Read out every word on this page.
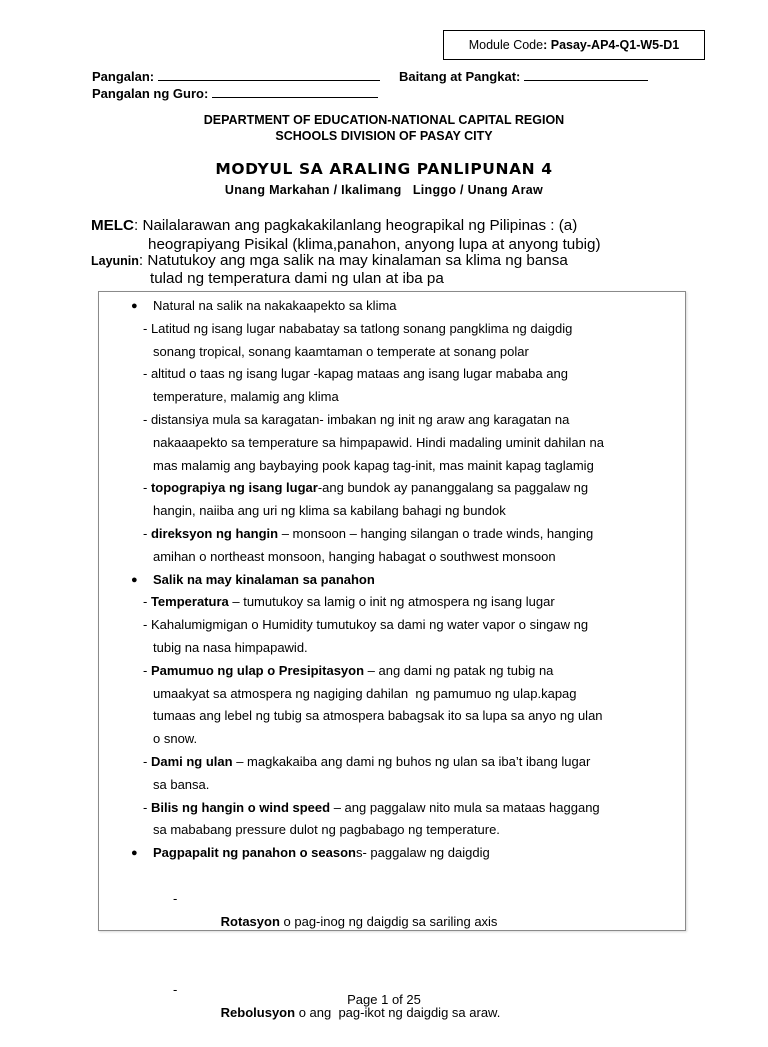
Module Code: Pasay-AP4-Q1-W5-D1
Pangalan:	Baitang at Pangkat:
Pangalan ng Guro:
DEPARTMENT OF EDUCATION-NATIONAL CAPITAL REGION
SCHOOLS DIVISION OF PASAY CITY
MODYUL SA ARALING PANLIPUNAN 4
Unang Markahan / Ikalimang   Linggo / Unang Araw
MELC: Nailalarawan ang pagkakakilanlang heograpikal ng Pilipinas : (a)
heograpiyang Pisikal (klima,panahon, anyong lupa at anyong tubig)
Layunin: Natutukoy ang mga salik na may kinalaman sa klima ng bansa
tulad ng temperatura dami ng ulan at iba pa
● Natural na salik na nakakaapekto sa klima
- Latitud ng isang lugar nababatay sa tatlong sonang pangklima ng daigdig
sonang tropical, sonang kaamtaman o temperate at sonang polar
- altitud o taas ng isang lugar -kapag mataas ang isang lugar mababa ang
temperature, malamig ang klima
- distansiya mula sa karagatan- imbakan ng init ng araw ang karagatan na
nakaaapekto sa temperature sa himpapawid. Hindi madaling uminit dahilan na
mas malamig ang baybaying pook kapag tag-init, mas mainit kapag taglamig
- topograpiya ng isang lugar-ang bundok ay pananggalang sa paggalaw ng
hangin, naiiba ang uri ng klima sa kabilang bahagi ng bundok
- direksyon ng hangin – monsoon – hanging silangan o trade winds, hanging
amihan o northeast monsoon, hanging habagat o southwest monsoon
● Salik na may kinalaman sa panahon
- Temperatura – tumutukoy sa lamig o init ng atmospera ng isang lugar
- Kahalumigmigan o Humidity tumutukoy sa dami ng water vapor o singaw ng
tubig na nasa himpapawid.
- Pamumuo ng ulap o Presipitasyon – ang dami ng patak ng tubig na
umaakyat sa atmospera ng nagiging dahilan  ng pamumuo ng ulap.kapag
tumaas ang lebel ng tubig sa atmospera babagsak ito sa lupa sa anyo ng ulan
o snow.
- Dami ng ulan – magkakaiba ang dami ng buhos ng ulan sa iba’t ibang lugar
sa bansa.
- Bilis ng hangin o wind speed – ang paggalaw nito mula sa mataas haggang
sa mababang pressure dulot ng pagbabago ng temperature.
● Pagpapalit ng panahon o seasons- paggalaw ng daigdig

-

Rotasyon o pag-inog ng daigdig sa sariling axis

-

Rebolusyon o ang  pag-ikot ng daigdig sa araw.

Page 1 of 25
